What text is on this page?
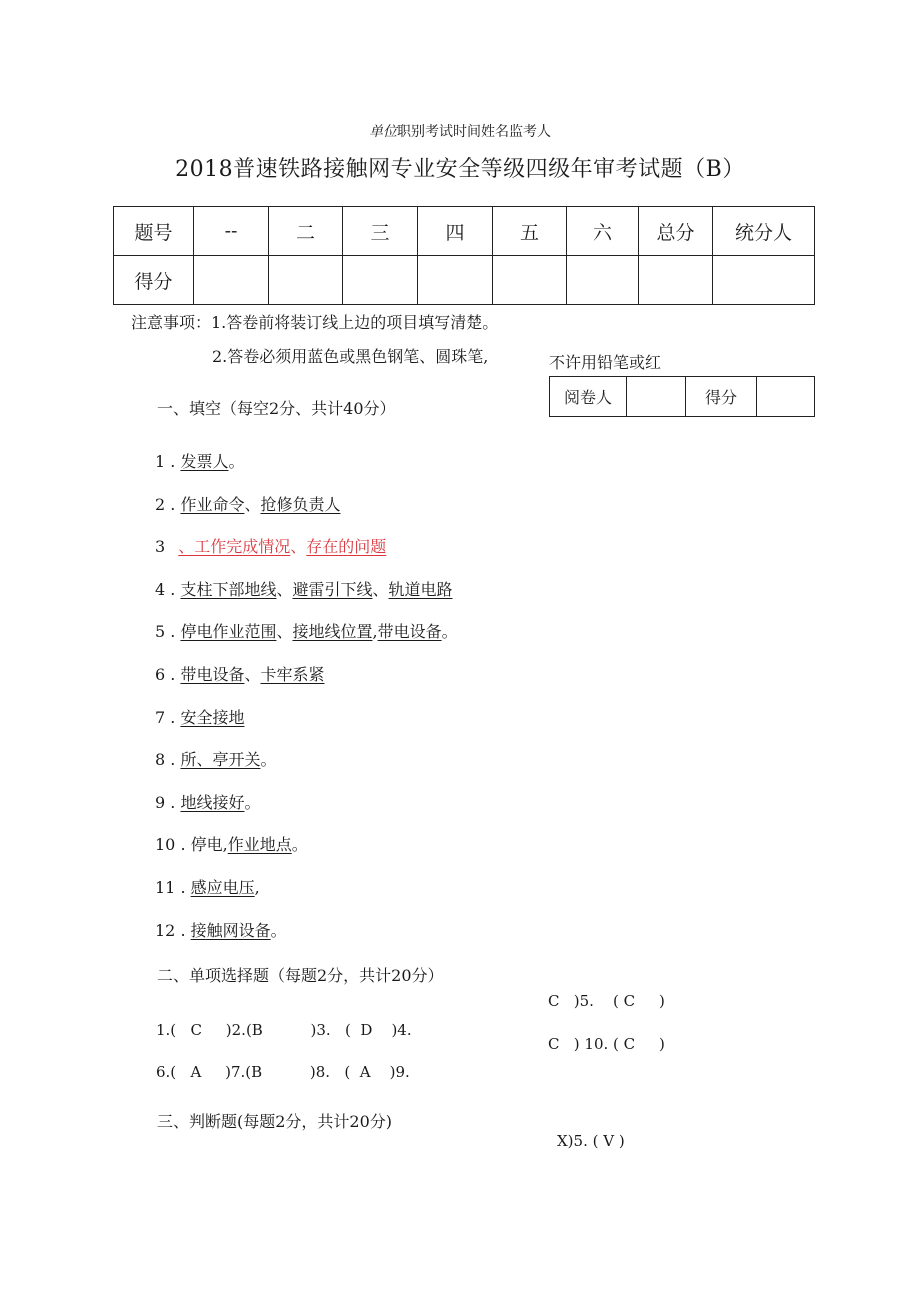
单位职别考试时间姓名监考人
2018普速铁路接触网专业安全等级四级年审考试题（B）
题号	--	二	三	四	五	六	总分	统分人
得分								
注意事项：1.答卷前将装订线上边的项目填写清楚。
2.答卷必须用蓝色或黑色钢笔、圆珠笔,	不许用铅笔或红
阅卷人		得分	
一、填空（每空2分、共计40分）
1 . 发票人。
2 . 作业命令、抢修负责人
3 、工作完成情况、存在的问题
4 . 支柱下部地线、避雷引下线、轨道电路
5 . 停电作业范围、接地线位置,带电设备。
6 . 带电设备、卡牢系紧
7 . 安全接地
8 . 所、亭开关。
9 . 地线接好。
10 . 停电,作业地点。
11 . 感应电压,
12 . 接触网设备。
二、单项选择题（每题2分，共计20分）
C   )5.    ( C     )
1.(   C     )2.(B          )3.   (  D    )4.
C   ) 10. ( C     )
6.(   A     )7.(B          )8.   (  A    )9.
三、判断题(每题2分，共计20分)
X)5. ( V )
